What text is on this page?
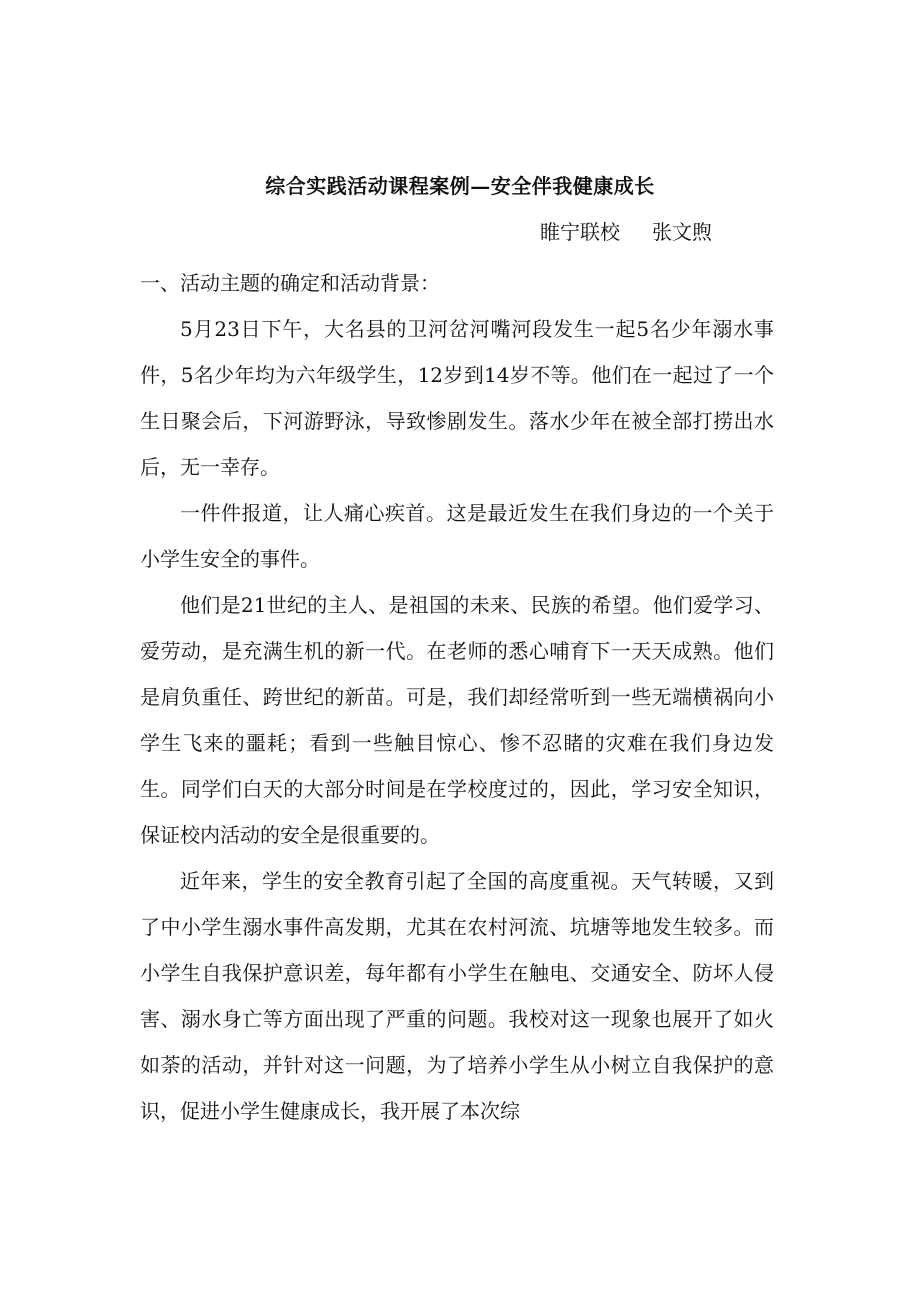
综合实践活动课程案例—安全伴我健康成长
睢宁联校 张文煦

一、活动主题的确定和活动背景：

5月23日下午，大名县的卫河岔河嘴河段发生一起5名少年溺水事件，5名少年均为六年级学生，12岁到14岁不等。他们在一起过了一个生日聚会后，下河游野泳，导致惨剧发生。落水少年在被全部打捞出水后，无一幸存。

一件件报道，让人痛心疾首。这是最近发生在我们身边的一个关于小学生安全的事件。

他们是21世纪的主人、是祖国的未来、民族的希望。他们爱学习、爱劳动，是充满生机的新一代。在老师的悉心哺育下一天天成熟。他们是肩负重任、跨世纪的新苗。可是，我们却经常听到一些无端横祸向小学生飞来的噩耗；看到一些触目惊心、惨不忍睹的灾难在我们身边发生。同学们白天的大部分时间是在学校度过的，因此，学习安全知识，保证校内活动的安全是很重要的。

近年来，学生的安全教育引起了全国的高度重视。天气转暖，又到了中小学生溺水事件高发期，尤其在农村河流、坑塘等地发生较多。而小学生自我保护意识差，每年都有小学生在触电、交通安全、防坏人侵害、溺水身亡等方面出现了严重的问题。我校对这一现象也展开了如火如荼的活动，并针对这一问题，为了培养小学生从小树立自我保护的意识，促进小学生健康成长，我开展了本次综
